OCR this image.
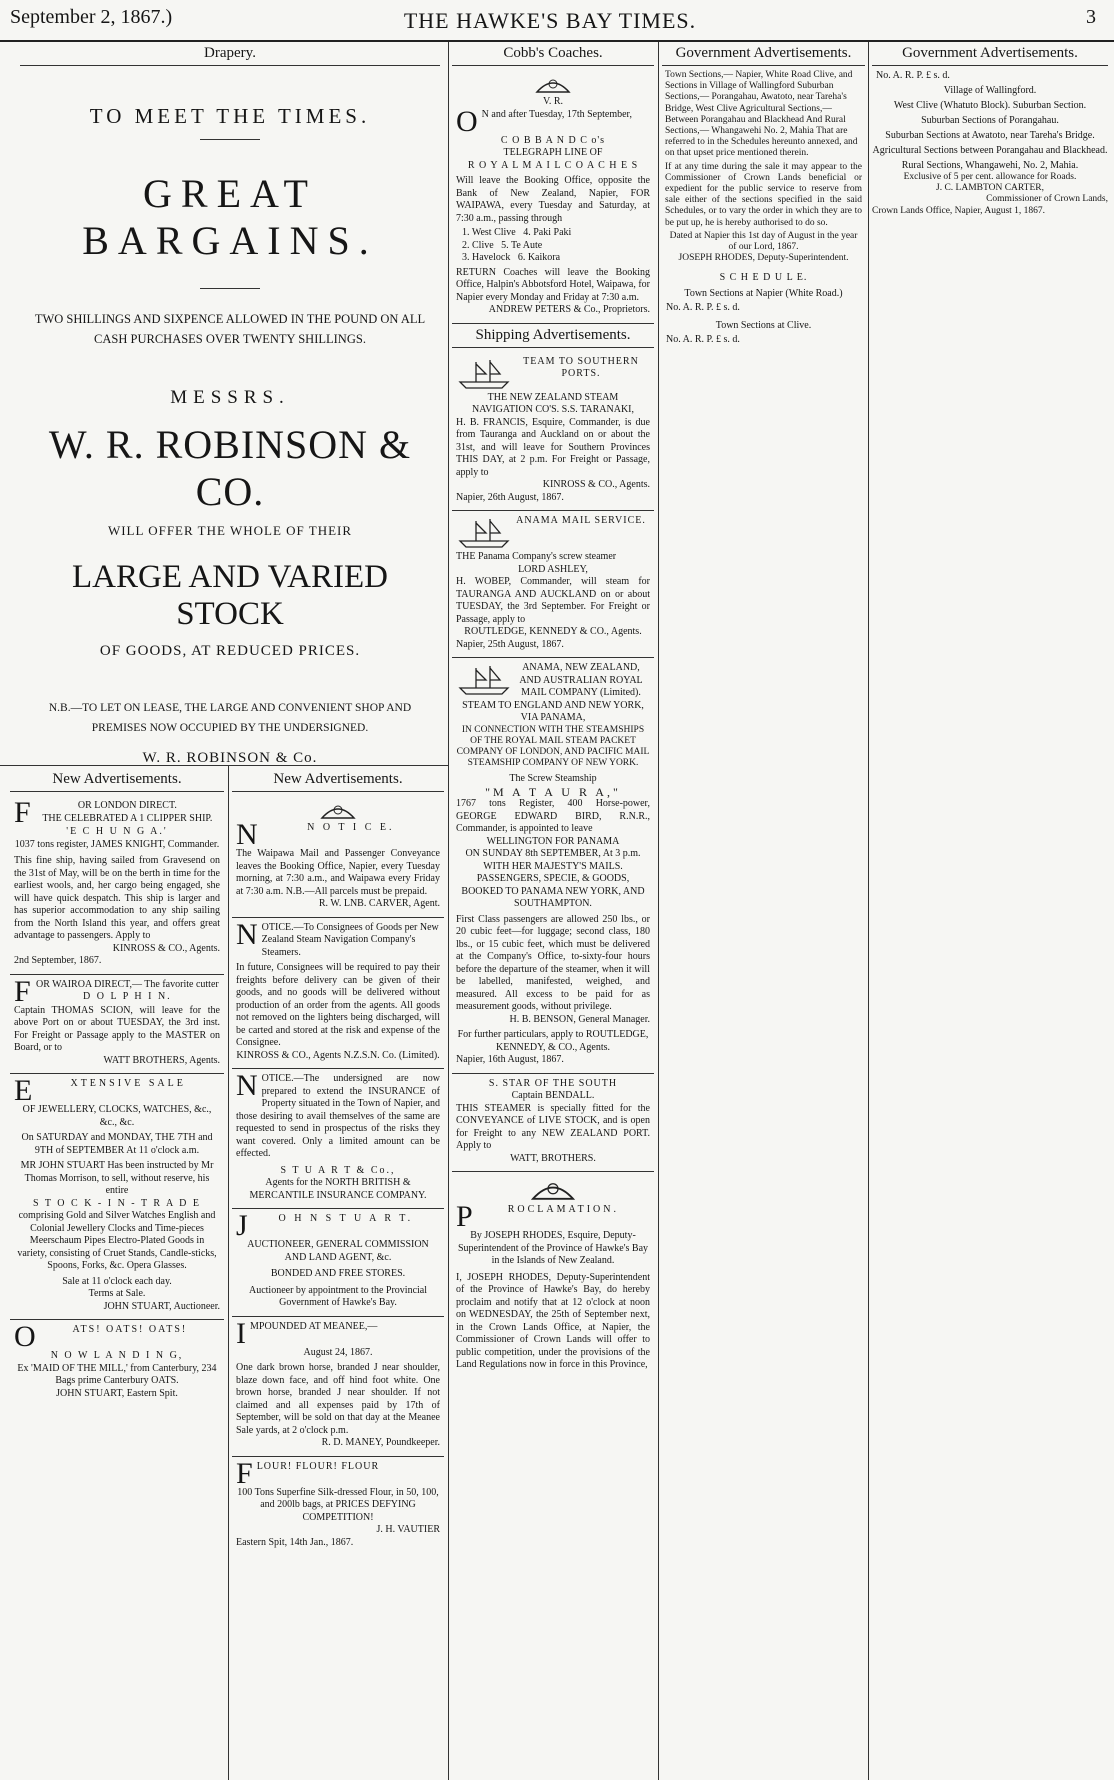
September 2, 1867.)	THE HAWKE'S BAY TIMES.	3
Drapery.
TO MEET THE TIMES.
GREAT BARGAINS.
TWO SHILLINGS AND SIXPENCE ALLOWED IN THE POUND ON ALL CASH PURCHASES OVER TWENTY SHILLINGS.
MESSRS.
W. R. ROBINSON & CO.
WILL OFFER THE WHOLE OF THEIR
LARGE AND VARIED STOCK
OF GOODS, AT REDUCED PRICES.
N.B.—TO LET ON LEASE, THE LARGE AND CONVENIENT SHOP AND PREMISES NOW OCCUPIED BY THE UNDERSIGNED.
W. R. ROBINSON & Co.
New Advertisements.
F	OR LONDON DIRECT.
THE CELEBRATED A 1 CLIPPER SHIP.
'E C H U N G A.'
1037 tons register, JAMES KNIGHT, Commander.
This fine ship, having sailed from Gravesend on the 31st of May, will be on the berth in time for the earliest wools, and, her cargo being engaged, she will have quick despatch. This ship is larger and has superior accommodation to any ship sailing from the North Island this year, and offers great advantage to passengers. Apply to
KINROSS & CO., Agents.
2nd September, 1867.
F OR WAIROA DIRECT,— The favorite cutter
D O L P H I N.
Captain THOMAS SCION, will leave for the above Port on or about TUESDAY, the 3rd inst. For Freight or Passage apply to the MASTER on Board, or to
WATT BROTHERS, Agents.
E	XTENSIVE SALE
OF JEWELLERY, CLOCKS, WATCHES, &c., &c., &c.
On SATURDAY and MONDAY, THE 7TH and 9TH of SEPTEMBER At 11 o'clock a.m.
MR JOHN STUART Has been instructed by Mr Thomas Morrison, to sell, without reserve, his entire
S T O C K - I N - T R A D E
comprising Gold and Silver Watches English and Colonial Jewellery Clocks and Time-pieces Meerschaum Pipes Electro-Plated Goods in variety, consisting of Cruet Stands, Candle-sticks, Spoons, Forks, &c. Opera Glasses.
Sale at 11 o'clock each day.
Terms at Sale.
JOHN STUART, Auctioneer.
O	ATS! OATS! OATS!
N O W L A N D I N G,
Ex 'MAID OF THE MILL,' from Canterbury, 234 Bags prime Canterbury OATS.
JOHN STUART, Eastern Spit.
New Advertisements.
N	N O T I C E.
The Waipawa Mail and Passenger Conveyance leaves the Booking Office, Napier, every Tuesday morning, at 7:30 a.m., and Waipawa every Friday at 7:30 a.m. N.B.—All parcels must be prepaid.
R. W. LNB. CARVER, Agent.
N OTICE.—To Consignees of Goods per New Zealand Steam Navigation Company's Steamers.
In future, Consignees will be required to pay their freights before delivery can be given of their goods, and no goods will be delivered without production of an order from the agents. All goods not removed on the lighters being discharged, will be carted and stored at the risk and expense of the Consignee.
KINROSS & CO., Agents N.Z.S.N. Co. (Limited).
N OTICE.—The undersigned are now prepared to extend the INSURANCE of Property situated in the Town of Napier, and those desiring to avail themselves of the same are requested to send in prospectus of the risks they want covered. Only a limited amount can be effected.
S T U A R T & Co.,
Agents for the NORTH BRITISH & MERCANTILE INSURANCE COMPANY.
J	O H N S T U A R T.
AUCTIONEER, GENERAL COMMISSION AND LAND AGENT, &c.
BONDED AND FREE STORES.
Auctioneer by appointment to the Provincial Government of Hawke's Bay.
I MPOUNDED AT MEANEE,—
August 24, 1867.
One dark brown horse, branded J near shoulder, blaze down face, and off hind foot white. One brown horse, branded J near shoulder. If not claimed and all expenses paid by 17th of September, will be sold on that day at the Meanee Sale yards, at 2 o'clock p.m.
R. D. MANEY, Poundkeeper.
F LOUR! FLOUR! FLOUR
100 Tons Superfine Silk-dressed Flour, in 50, 100, and 200lb bags, at PRICES DEFYING COMPETITION!
J. H. VAUTIER
Eastern Spit, 14th Jan., 1867.
Cobb's Coaches.
V. R.
O N and after Tuesday, 17th September,
C O B B A N D C o's
TELEGRAPH LINE OF
R O Y A L M A I L C O A C H E S
Will leave the Booking Office, opposite the Bank of New Zealand, Napier, FOR WAIPAWA, every Tuesday and Saturday, at 7:30 a.m., passing through
1. West Clive   4. Paki Paki
2. Clive   5. Te Aute
3. Havelock   6. Kaikora
RETURN Coaches will leave the Booking Office, Halpin's Abbotsford Hotel, Waipawa, for Napier every Monday and Friday at 7:30 a.m.
ANDREW PETERS & Co., Proprietors.
Shipping Advertisements.
TEAM TO SOUTHERN PORTS.
THE NEW ZEALAND STEAM NAVIGATION CO'S. S.S. TARANAKI,
H. B. FRANCIS, Esquire, Commander, is due from Tauranga and Auckland on or about the 31st, and will leave for Southern Provinces THIS DAY, at 2 p.m. For Freight or Passage, apply to
KINROSS & CO., Agents.
Napier, 26th August, 1867.
ANAMA MAIL SERVICE.
THE Panama Company's screw steamer
LORD ASHLEY,
H. WOBEP, Commander, will steam for TAURANGA AND AUCKLAND on or about TUESDAY, the 3rd September. For Freight or Passage, apply to
ROUTLEDGE, KENNEDY & CO., Agents.
Napier, 25th August, 1867.
ANAMA, NEW ZEALAND, AND AUSTRALIAN ROYAL MAIL COMPANY (Limited).
STEAM TO ENGLAND AND NEW YORK, VIA PANAMA,
IN CONNECTION WITH THE STEAMSHIPS OF THE ROYAL MAIL STEAM PACKET COMPANY OF LONDON, AND PACIFIC MAIL STEAMSHIP COMPANY OF NEW YORK.
The Screw Steamship
"M A T A U R A,"
1767 tons Register, 400 Horse-power, GEORGE EDWARD BIRD, R.N.R., Commander, is appointed to leave
WELLINGTON FOR PANAMA
ON SUNDAY 8th SEPTEMBER, At 3 p.m.
WITH HER MAJESTY'S MAILS.
PASSENGERS, SPECIE, & GOODS, BOOKED TO PANAMA NEW YORK, AND SOUTHAMPTON.
First Class passengers are allowed 250 lbs., or 20 cubic feet—for luggage; second class, 180 lbs., or 15 cubic feet, which must be delivered at the Company's Office, to-sixty-four hours before the departure of the steamer, when it will be labelled, manifested, weighed, and measured. All excess to be paid for as measurement goods, without privilege.
H. B. BENSON, General Manager.
For further particulars, apply to ROUTLEDGE, KENNEDY, & CO., Agents.
Napier, 16th August, 1867.
S. STAR OF THE SOUTH
Captain BENDALL.
THIS STEAMER is specially fitted for the CONVEYANCE of LIVE STOCK, and is open for Freight to any NEW ZEALAND PORT. Apply to
WATT, BROTHERS.
P	ROCLAMATION.
By JOSEPH RHODES, Esquire, Deputy-Superintendent of the Province of Hawke's Bay in the Islands of New Zealand.
I, JOSEPH RHODES, Deputy-Superintendent of the Province of Hawke's Bay, do hereby proclaim and notify that at 12 o'clock at noon on WEDNESDAY, the 25th of September next, in the Crown Lands Office, at Napier, the Commissioner of Crown Lands will offer to public competition, under the provisions of the Land Regulations now in force in this Province,
Government Advertisements.
Town Sections,— Napier, White Road Clive, and Sections in Village of Wallingford Suburban Sections,— Porangahau, Awatoto, near Tareha's Bridge, West Clive Agricultural Sections,— Between Porangahau and Blackhead And Rural Sections,— Whangawehi No. 2, Mahia That are referred to in the Schedules hereunto annexed, and on that upset price mentioned therein.
If at any time during the sale it may appear to the Commissioner of Crown Lands beneficial or expedient for the public service to reserve from sale either of the sections specified in the said Schedules, or to vary the order in which they are to be put up, he is hereby authorised to do so.
Dated at Napier this 1st day of August in the year of our Lord, 1867.
JOSEPH RHODES, Deputy-Superintendent.
S C H E D U L E.
Town Sections at Napier (White Road.)
No. A. R. P. £ s. d.
Town Sections at Clive.
No. A. R. P. £ s. d.
Government Advertisements.
No. A. R. P. £ s. d.
Village of Wallingford.
West Clive (Whatuto Block). Suburban Section.
Suburban Sections of Porangahau.
Suburban Sections at Awatoto, near Tareha's Bridge.
Agricultural Sections between Porangahau and Blackhead.
Rural Sections, Whangawehi, No. 2, Mahia.
Exclusive of 5 per cent. allowance for Roads.
J. C. LAMBTON CARTER,
Commissioner of Crown Lands,
Crown Lands Office, Napier, August 1, 1867.
